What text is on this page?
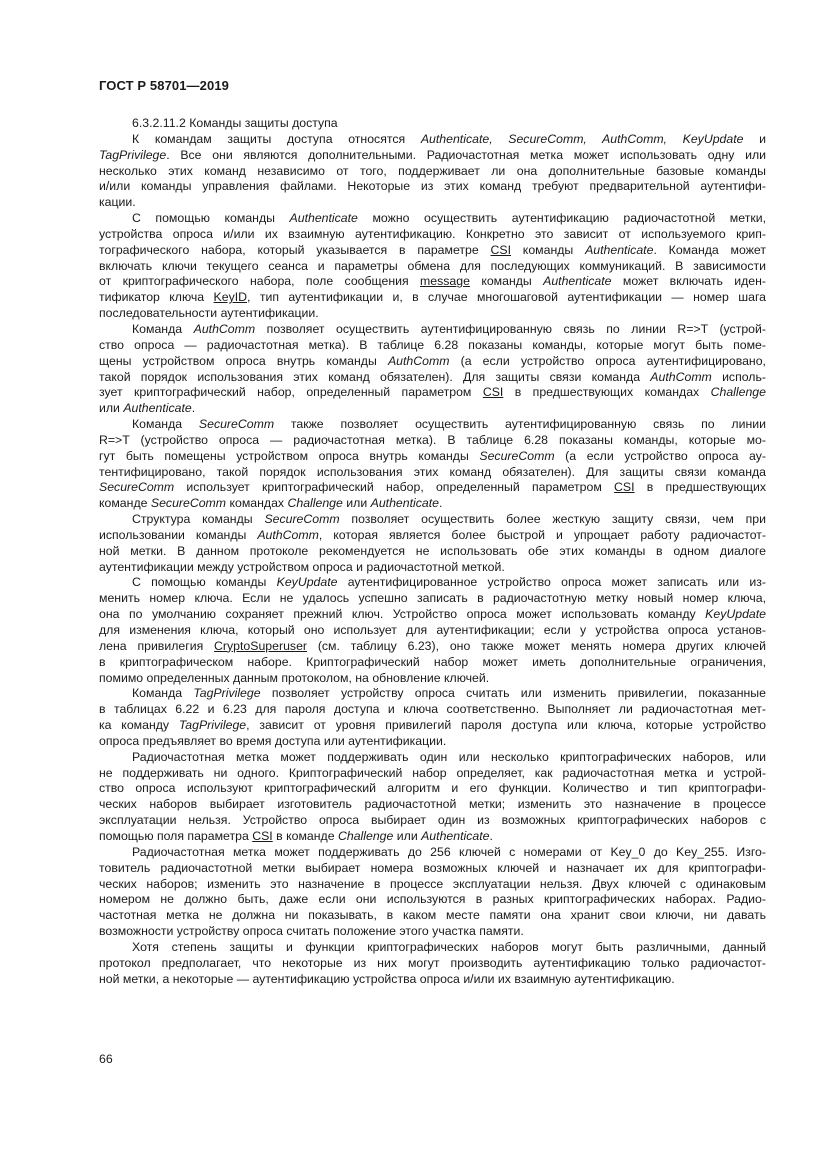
ГОСТ Р 58701—2019
6.3.2.11.2 Команды защиты доступа
К командам защиты доступа относятся Authenticate, SecureComm, AuthComm, KeyUpdate и
TagPrivilege. Все они являются дополнительными. Радиочастотная метка может использовать одну или
несколько этих команд независимо от того, поддерживает ли она дополнительные базовые команды
и/или команды управления файлами. Некоторые из этих команд требуют предварительной аутентифи-
кации.
С помощью команды Authenticate можно осуществить аутентификацию радиочастотной метки,
устройства опроса и/или их взаимную аутентификацию. Конкретно это зависит от используемого крип-
тографического набора, который указывается в параметре CSI команды Authenticate. Команда может
включать ключи текущего сеанса и параметры обмена для последующих коммуникаций. В зависимости
от криптографического набора, поле сообщения message команды Authenticate может включать иден-
тификатор ключа KeyID, тип аутентификации и, в случае многошаговой аутентификации — номер шага
последовательности аутентификации.
Команда AuthComm позволяет осуществить аутентифицированную связь по линии R=>T (устрой-
ство опроса — радиочастотная метка). В таблице 6.28 показаны команды, которые могут быть поме-
щены устройством опроса внутрь команды AuthComm (а если устройство опроса аутентифицировано,
такой порядок использования этих команд обязателен). Для защиты связи команда AuthComm исполь-
зует криптографический набор, определенный параметром CSI в предшествующих командах Challenge
или Authenticate.
Команда SecureComm также позволяет осуществить аутентифицированную связь по линии
R=>T (устройство опроса — радиочастотная метка). В таблице 6.28 показаны команды, которые мо-
гут быть помещены устройством опроса внутрь команды SecureComm (а если устройство опроса ау-
тентифицировано, такой порядок использования этих команд обязателен). Для защиты связи команда
SecureComm использует криптографический набор, определенный параметром CSI в предшествующих
команде SecureComm командах Challenge или Authenticate.
Структура команды SecureComm позволяет осуществить более жесткую защиту связи, чем при
использовании команды AuthComm, которая является более быстрой и упрощает работу радиочастот-
ной метки. В данном протоколе рекомендуется не использовать обе этих команды в одном диалоге
аутентификации между устройством опроса и радиочастотной меткой.
С помощью команды KeyUpdate аутентифицированное устройство опроса может записать или из-
менить номер ключа. Если не удалось успешно записать в радиочастотную метку новый номер ключа,
она по умолчанию сохраняет прежний ключ. Устройство опроса может использовать команду KeyUpdate
для изменения ключа, который оно использует для аутентификации; если у устройства опроса установ-
лена привилегия CryptoSuperuser (см. таблицу 6.23), оно также может менять номера других ключей
в криптографическом наборе. Криптографический набор может иметь дополнительные ограничения,
помимо определенных данным протоколом, на обновление ключей.
Команда TagPrivilege позволяет устройству опроса считать или изменить привилегии, показанные
в таблицах 6.22 и 6.23 для пароля доступа и ключа соответственно. Выполняет ли радиочастотная мет-
ка команду TagPrivilege, зависит от уровня привилегий пароля доступа или ключа, которые устройство
опроса предъявляет во время доступа или аутентификации.
Радиочастотная метка может поддерживать один или несколько криптографических наборов, или
не поддерживать ни одного. Криптографический набор определяет, как радиочастотная метка и устрой-
ство опроса используют криптографический алгоритм и его функции. Количество и тип криптографи-
ческих наборов выбирает изготовитель радиочастотной метки; изменить это назначение в процессе
эксплуатации нельзя. Устройство опроса выбирает один из возможных криптографических наборов с
помощью поля параметра CSI в команде Challenge или Authenticate.
Радиочастотная метка может поддерживать до 256 ключей с номерами от Key_0 до Key_255. Изго-
товитель радиочастотной метки выбирает номера возможных ключей и назначает их для криптографи-
ческих наборов; изменить это назначение в процессе эксплуатации нельзя. Двух ключей с одинаковым
номером не должно быть, даже если они используются в разных криптографических наборах. Радио-
частотная метка не должна ни показывать, в каком месте памяти она хранит свои ключи, ни давать
возможности устройству опроса считать положение этого участка памяти.
Хотя степень защиты и функции криптографических наборов могут быть различными, данный
протокол предполагает, что некоторые из них могут производить аутентификацию только радиочастот-
ной метки, а некоторые — аутентификацию устройства опроса и/или их взаимную аутентификацию.
66
